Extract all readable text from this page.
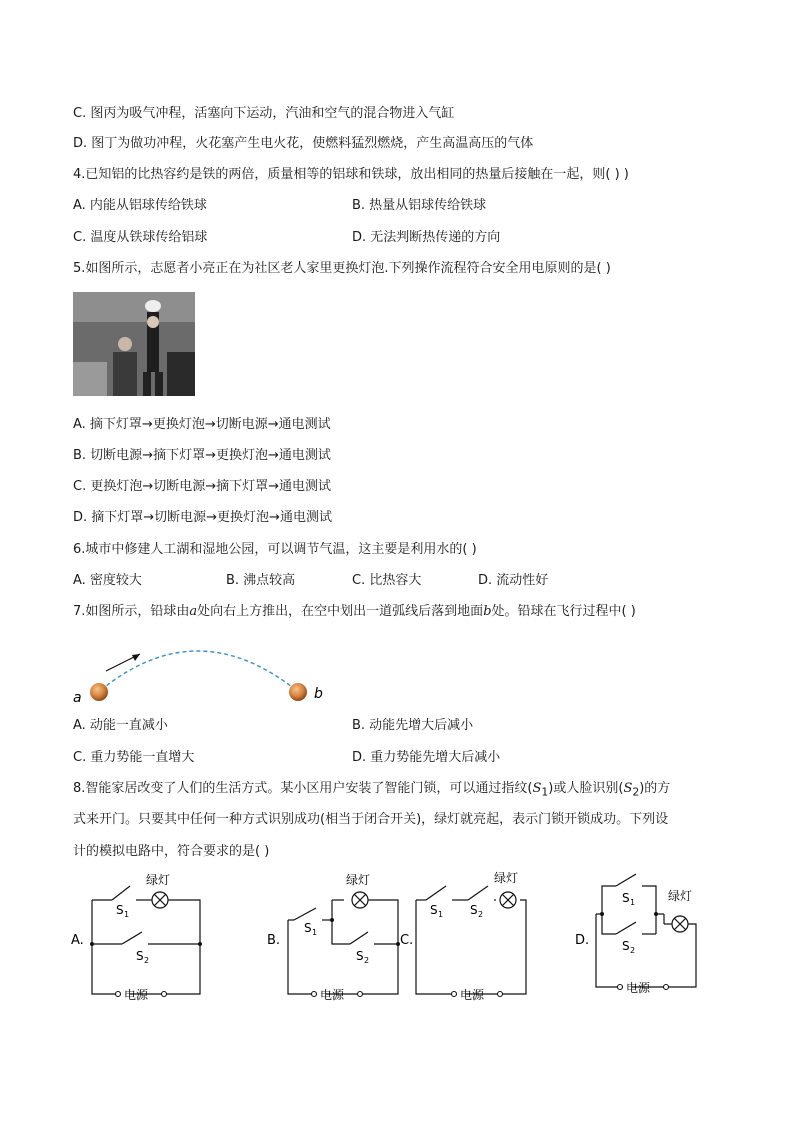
C. 图丙为吸气冲程，活塞向下运动，汽油和空气的混合物进入气缸
D. 图丁为做功冲程，火花塞产生电火花，使燃料猛烈燃烧，产生高温高压的气体
4.已知铝的比热容约是铁的两倍，质量相等的铝球和铁球，放出相同的热量后接触在一起，则( ) )
A. 内能从铝球传给铁球	B. 热量从铝球传给铁球
C. 温度从铁球传给铝球	D. 无法判断热传递的方向
5.如图所示，志愿者小亮正在为社区老人家里更换灯泡.下列操作流程符合安全用电原则的是( )
A. 摘下灯罩→更换灯泡→切断电源→通电测试
B. 切断电源→摘下灯罩→更换灯泡→通电测试
C. 更换灯泡→切断电源→摘下灯罩→通电测试
D. 摘下灯罩→切断电源→更换灯泡→通电测试
6.城市中修建人工湖和湿地公园，可以调节气温，这主要是利用水的( )
A. 密度较大	B. 沸点较高	C. 比热容大	D. 流动性好
7.如图所示，铅球由a处向右上方推出，在空中划出一道弧线后落到地面b处。铅球在飞行过程中( )
a	b
A. 动能一直减小	B. 动能先增大后减小
C. 重力势能一直增大	D. 重力势能先增大后减小
8.智能家居改变了人们的生活方式。某小区用户安装了智能门锁，可以通过指纹$(S_1)$或人脸识别$(S_2)$的方
式来开门。只要其中任何一种方式识别成功(相当于闭合开关)，绿灯就亮起，表示门锁开锁成功。下列设
计的模拟电路中，符合要求的是( )
绿灯	绿灯	绿灯
绿灯
电源	电源	电源	电源
S 1
S 2
S 1
S 2
S 1 S 2
S 1
S 2
A.	B.	C.	D.
